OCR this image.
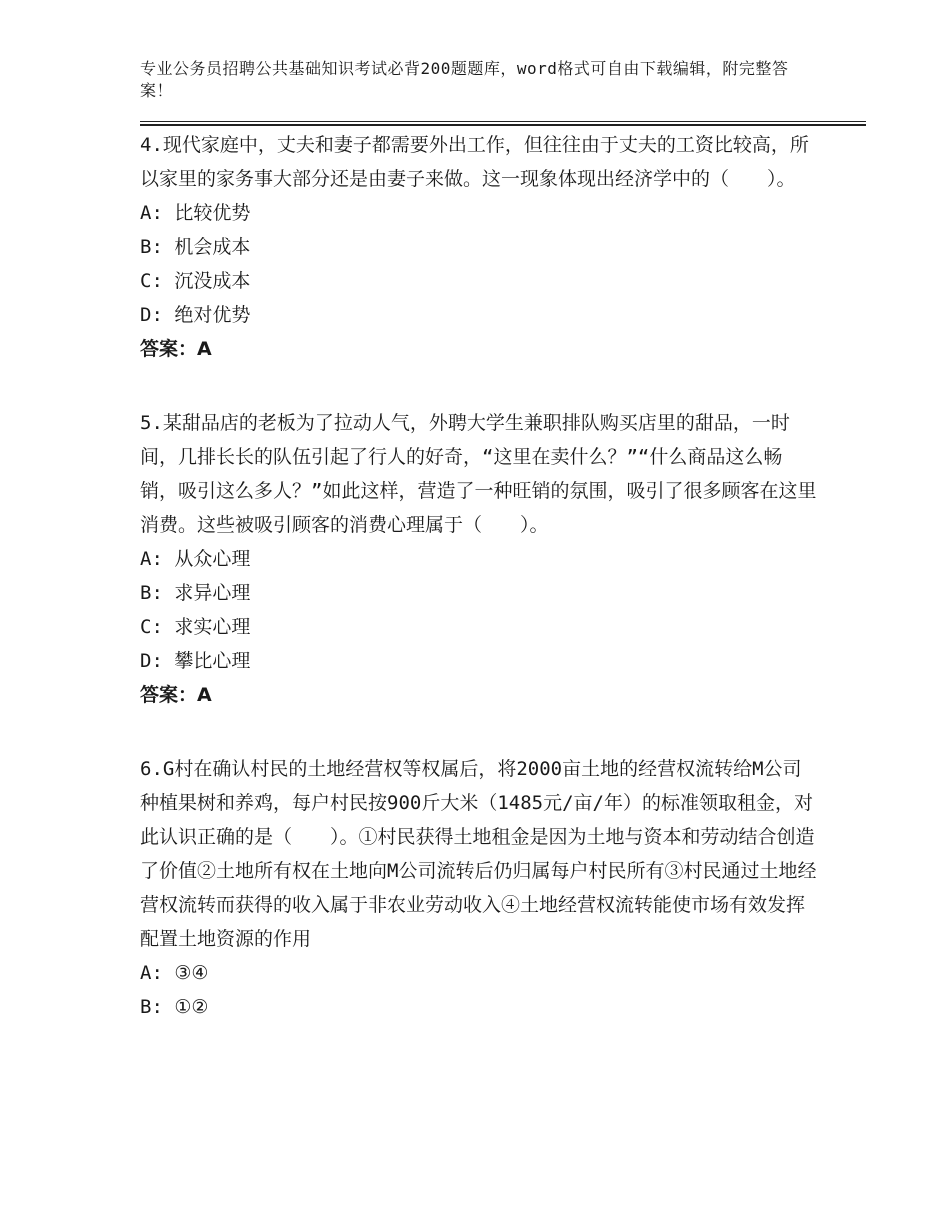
专业公务员招聘公共基础知识考试必背200题题库，word格式可自由下载编辑，附完整答案！

4.现代家庭中，丈夫和妻子都需要外出工作，但往往由于丈夫的工资比较高，所以家里的家务事大部分还是由妻子来做。这一现象体现出经济学中的（　　）。

A: 比较优势

B: 机会成本

C: 沉没成本

D: 绝对优势

答案：A

5.某甜品店的老板为了拉动人气，外聘大学生兼职排队购买店里的甜品，一时间，几排长长的队伍引起了行人的好奇，“这里在卖什么？”“什么商品这么畅销，吸引这么多人？”如此这样，营造了一种旺销的氛围，吸引了很多顾客在这里消费。这些被吸引顾客的消费心理属于（　　）。

A: 从众心理

B: 求异心理

C: 求实心理

D: 攀比心理

答案：A

6.G村在确认村民的土地经营权等权属后，将2000亩土地的经营权流转给M公司种植果树和养鸡，每户村民按900斤大米（1485元/亩/年）的标准领取租金，对此认识正确的是（　　）。①村民获得土地租金是因为土地与资本和劳动结合创造了价值②土地所有权在土地向M公司流转后仍归属每户村民所有③村民通过土地经营权流转而获得的收入属于非农业劳动收入④土地经营权流转能使市场有效发挥配置土地资源的作用

A: ③④

B: ①②
